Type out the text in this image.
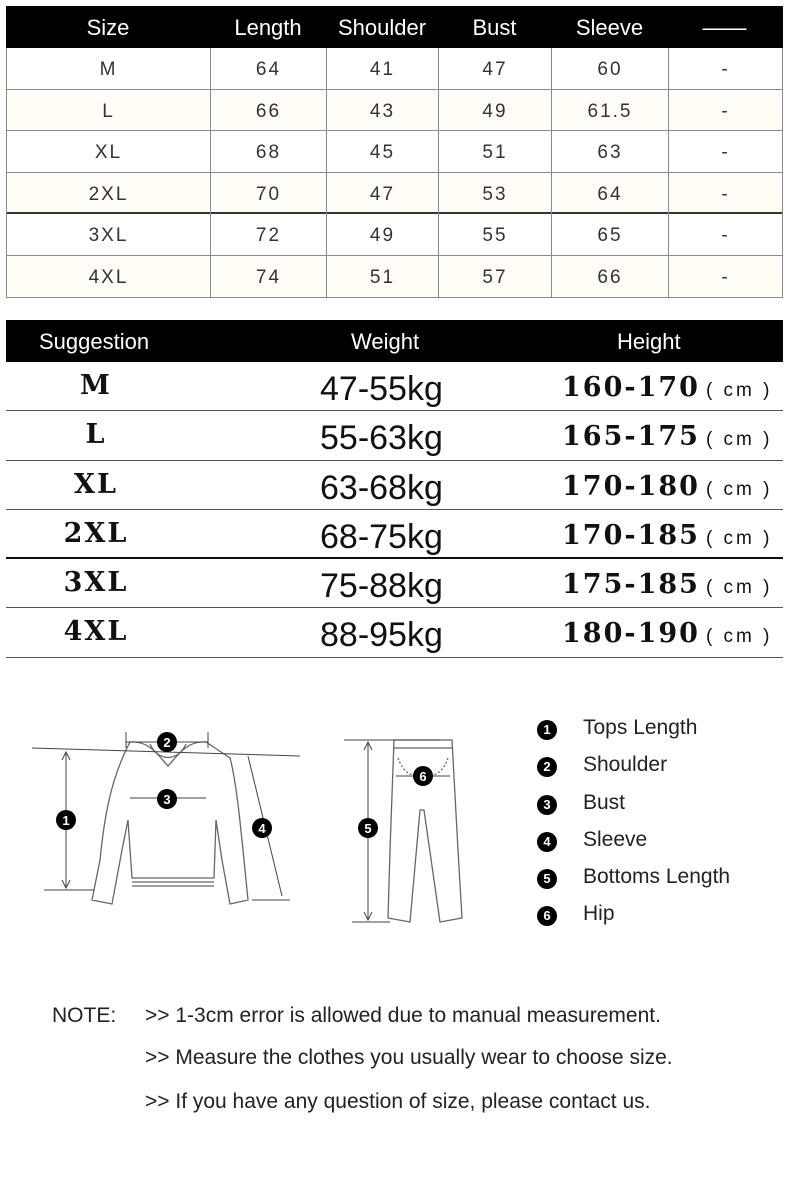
Size	Length	Shoulder	Bust	Sleeve	——
M	64	41	47	60	-
L	66	43	49	61.5	-
XL	68	45	51	63	-
2XL	70	47	53	64	-
3XL	72	49	55	65	-
4XL	74	51	57	66	-
Suggestion	Weight	Height
M	47-55kg	160-170 ( cm )
L	55-63kg	165-175 ( cm )
XL	63-68kg	170-180 ( cm )
2XL	68-75kg	170-185 ( cm )
3XL	75-88kg	175-185 ( cm )
4XL	88-95kg	180-190 ( cm )
1
2
3
4	5
6
1	Tops Length
2	Shoulder
3	Bust
4	Sleeve
5	Bottoms Length
6	Hip
NOTE: >> 1-3cm error is allowed due to manual measurement.
>> Measure the clothes you usually wear to choose size.
>> If you have any question of size, please contact us.
